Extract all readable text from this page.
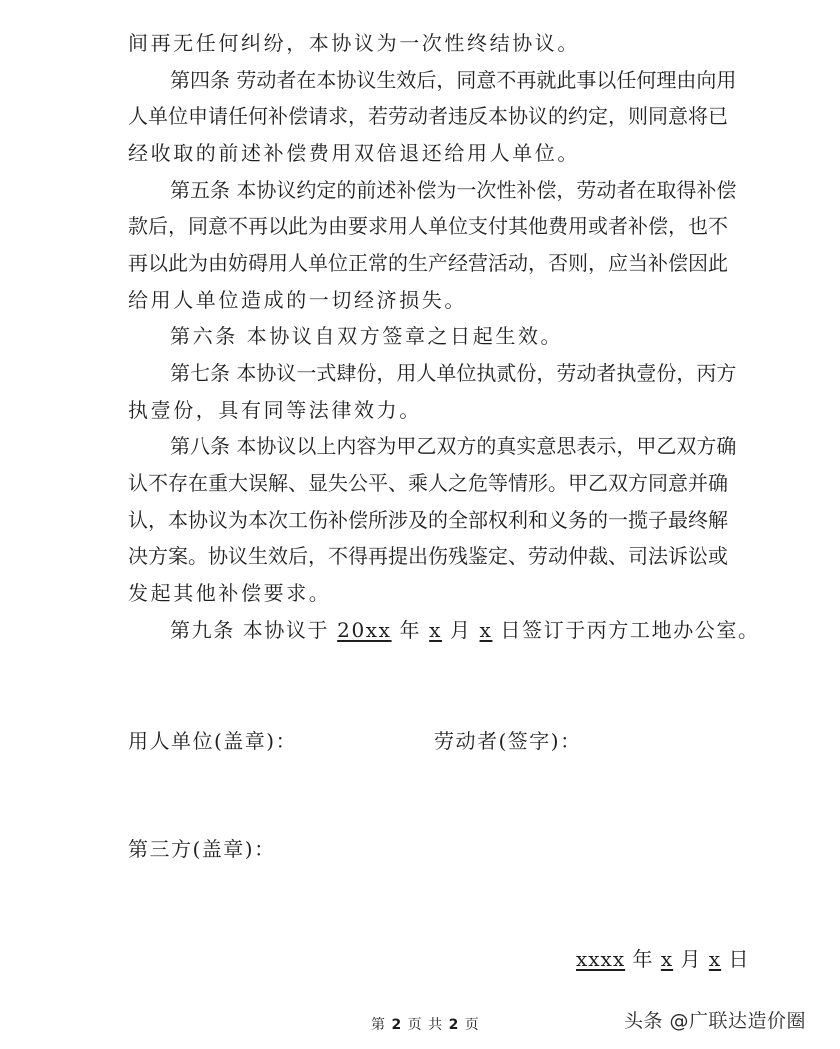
间再无任何纠纷，本协议为一次性终结协议。
第四条 劳动者在本协议生效后，同意不再就此事以任何理由向用
人单位申请任何补偿请求，若劳动者违反本协议的约定，则同意将已
经收取的前述补偿费用双倍退还给用人单位。
第五条 本协议约定的前述补偿为一次性补偿，劳动者在取得补偿
款后，同意不再以此为由要求用人单位支付其他费用或者补偿，也不
再以此为由妨碍用人单位正常的生产经营活动，否则，应当补偿因此
给用人单位造成的一切经济损失。
第六条 本协议自双方签章之日起生效。
第七条 本协议一式肆份，用人单位执贰份，劳动者执壹份，丙方
执壹份，具有同等法律效力。
第八条 本协议以上内容为甲乙双方的真实意思表示，甲乙双方确
认不存在重大误解、显失公平、乘人之危等情形。甲乙双方同意并确
认，本协议为本次工伤补偿所涉及的全部权利和义务的一揽子最终解
决方案。协议生效后，不得再提出伤残鉴定、劳动仲裁、司法诉讼或
发起其他补偿要求。
第九条 本协议于 20xx 年 x 月 x 日签订于丙方工地办公室。
用人单位(盖章)：	劳动者(签字)：
第三方(盖章)：
xxxx 年 x 月 x 日
第 2 页 共 2 页	头条 @广联达造价圈
